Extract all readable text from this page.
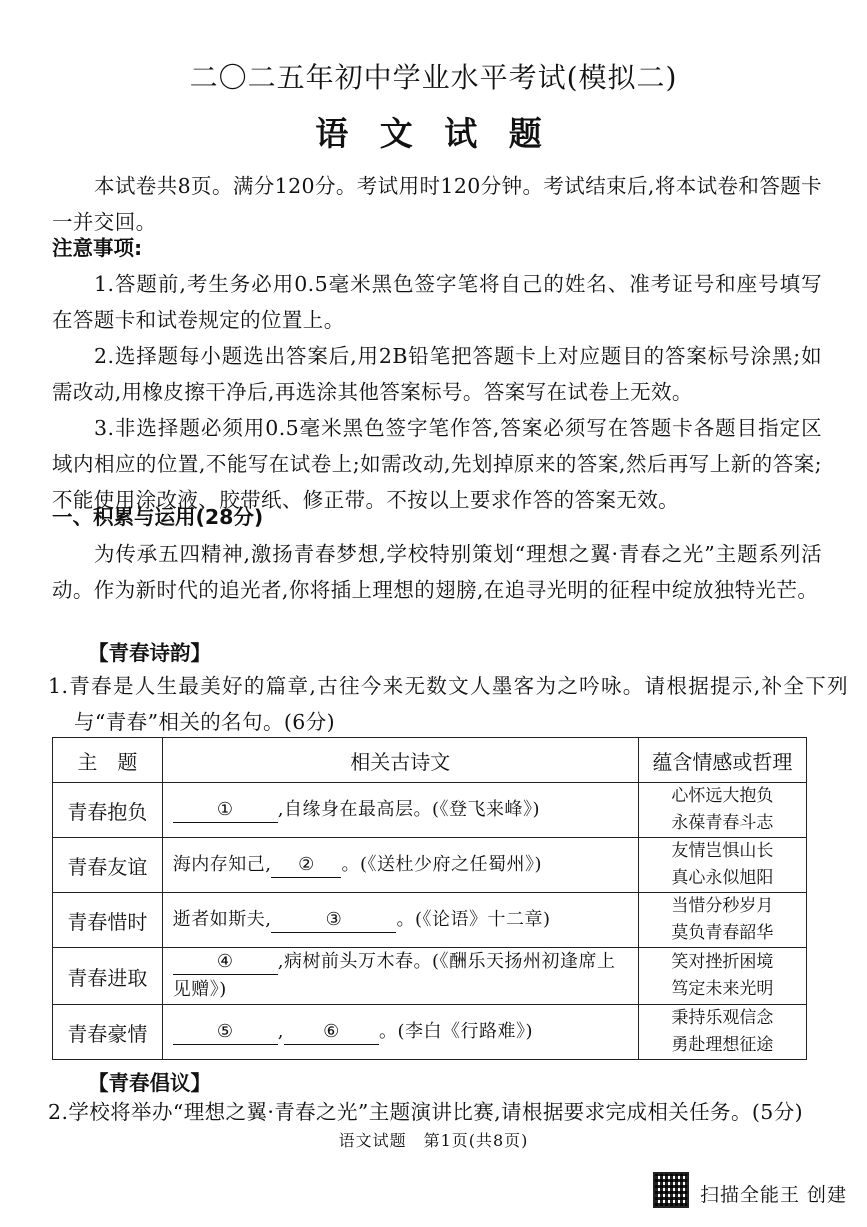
二〇二五年初中学业水平考试(模拟二)
语 文 试 题
本试卷共8页。满分120分。考试用时120分钟。考试结束后,将本试卷和答题卡一并交回。
注意事项:
1.答题前,考生务必用0.5毫米黑色签字笔将自己的姓名、准考证号和座号填写在答题卡和试卷规定的位置上。
2.选择题每小题选出答案后,用2B铅笔把答题卡上对应题目的答案标号涂黑;如需改动,用橡皮擦干净后,再选涂其他答案标号。答案写在试卷上无效。
3.非选择题必须用0.5毫米黑色签字笔作答,答案必须写在答题卡各题目指定区域内相应的位置,不能写在试卷上;如需改动,先划掉原来的答案,然后再写上新的答案;不能使用涂改液、胶带纸、修正带。不按以上要求作答的答案无效。
一、积累与运用(28分)
为传承五四精神,激扬青春梦想,学校特别策划“理想之翼·青春之光”主题系列活动。作为新时代的追光者,你将插上理想的翅膀,在追寻光明的征程中绽放独特光芒。
【青春诗韵】
1.青春是人生最美好的篇章,古往今来无数文人墨客为之吟咏。请根据提示,补全下列与“青春”相关的名句。(6分)
主　题	相关古诗文	蕴含情感或哲理
青春抱负	① ,自缘身在最高层。(《登飞来峰》)	心怀远大抱负
永葆青春斗志

青春友谊	海内存知己, ② 。(《送杜少府之任蜀州》)	友情岂惧山长
真心永似旭阳

青春惜时	逝者如斯夫, ③ 。(《论语》十二章)	当惜分秒岁月
莫负青春韶华

青春进取	④ ,病树前头万木春。(《酬乐天扬州初逢席上见赠》)	笑对挫折困境
笃定未来光明

青春豪情	⑤ , ⑥ 。(李白《行路难》)	秉持乐观信念
勇赴理想征途
【青春倡议】
2.学校将举办“理想之翼·青春之光”主题演讲比赛,请根据要求完成相关任务。(5分)
语文试题　第1页(共8页)
扫描全能王 创建
